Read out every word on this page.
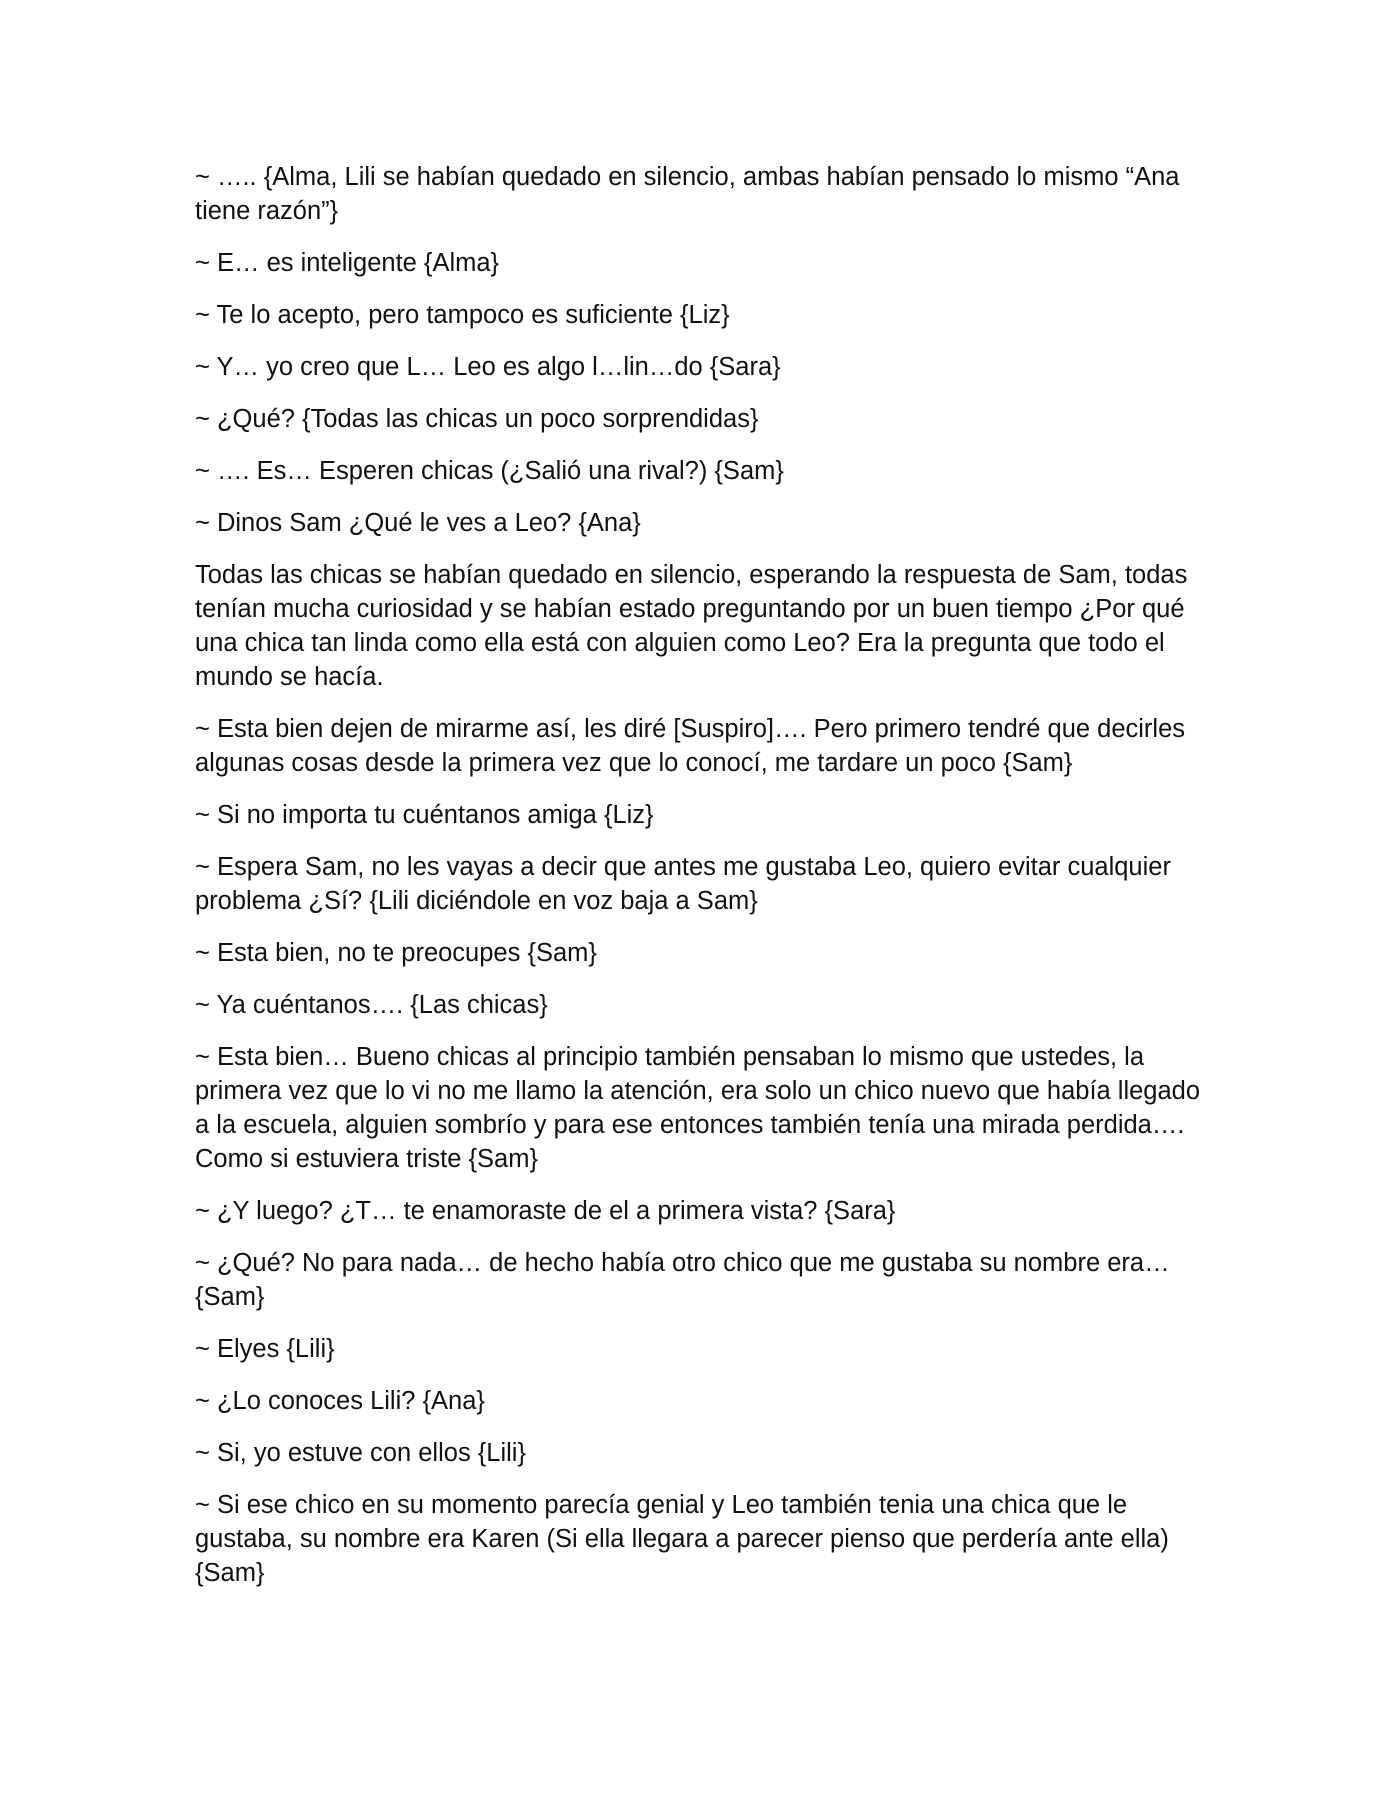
~ ….. {Alma, Lili se habían quedado en silencio, ambas habían pensado lo mismo “Ana tiene razón”}

~ E… es inteligente {Alma}

~ Te lo acepto, pero tampoco es suficiente {Liz}

~ Y… yo creo que L… Leo es algo l…lin…do {Sara}

~ ¿Qué? {Todas las chicas un poco sorprendidas}

~ …. Es… Esperen chicas (¿Salió una rival?) {Sam}

~ Dinos Sam ¿Qué le ves a Leo? {Ana}

Todas las chicas se habían quedado en silencio, esperando la respuesta de Sam, todas tenían mucha curiosidad y se habían estado preguntando por un buen tiempo ¿Por qué una chica tan linda como ella está con alguien como Leo? Era la pregunta que todo el mundo se hacía.

~ Esta bien dejen de mirarme así, les diré [Suspiro]…. Pero primero tendré que decirles algunas cosas desde la primera vez que lo conocí, me tardare un poco {Sam}

~ Si no importa tu cuéntanos amiga {Liz}

~ Espera Sam, no les vayas a decir que antes me gustaba Leo, quiero evitar cualquier problema ¿Sí? {Lili diciéndole en voz baja a Sam}

~ Esta bien, no te preocupes {Sam}

~ Ya cuéntanos…. {Las chicas}

~ Esta bien… Bueno chicas al principio también pensaban lo mismo que ustedes, la primera vez que lo vi no me llamo la atención, era solo un chico nuevo que había llegado a la escuela, alguien sombrío y para ese entonces también tenía una mirada perdida…. Como si estuviera triste {Sam}

~ ¿Y luego? ¿T… te enamoraste de el a primera vista? {Sara}

~ ¿Qué? No para nada… de hecho había otro chico que me gustaba su nombre era… {Sam}

~ Elyes {Lili}

~ ¿Lo conoces Lili? {Ana}

~ Si, yo estuve con ellos {Lili}

~ Si ese chico en su momento parecía genial y Leo también tenia una chica que le gustaba, su nombre era Karen (Si ella llegara a parecer pienso que perdería ante ella) {Sam}
